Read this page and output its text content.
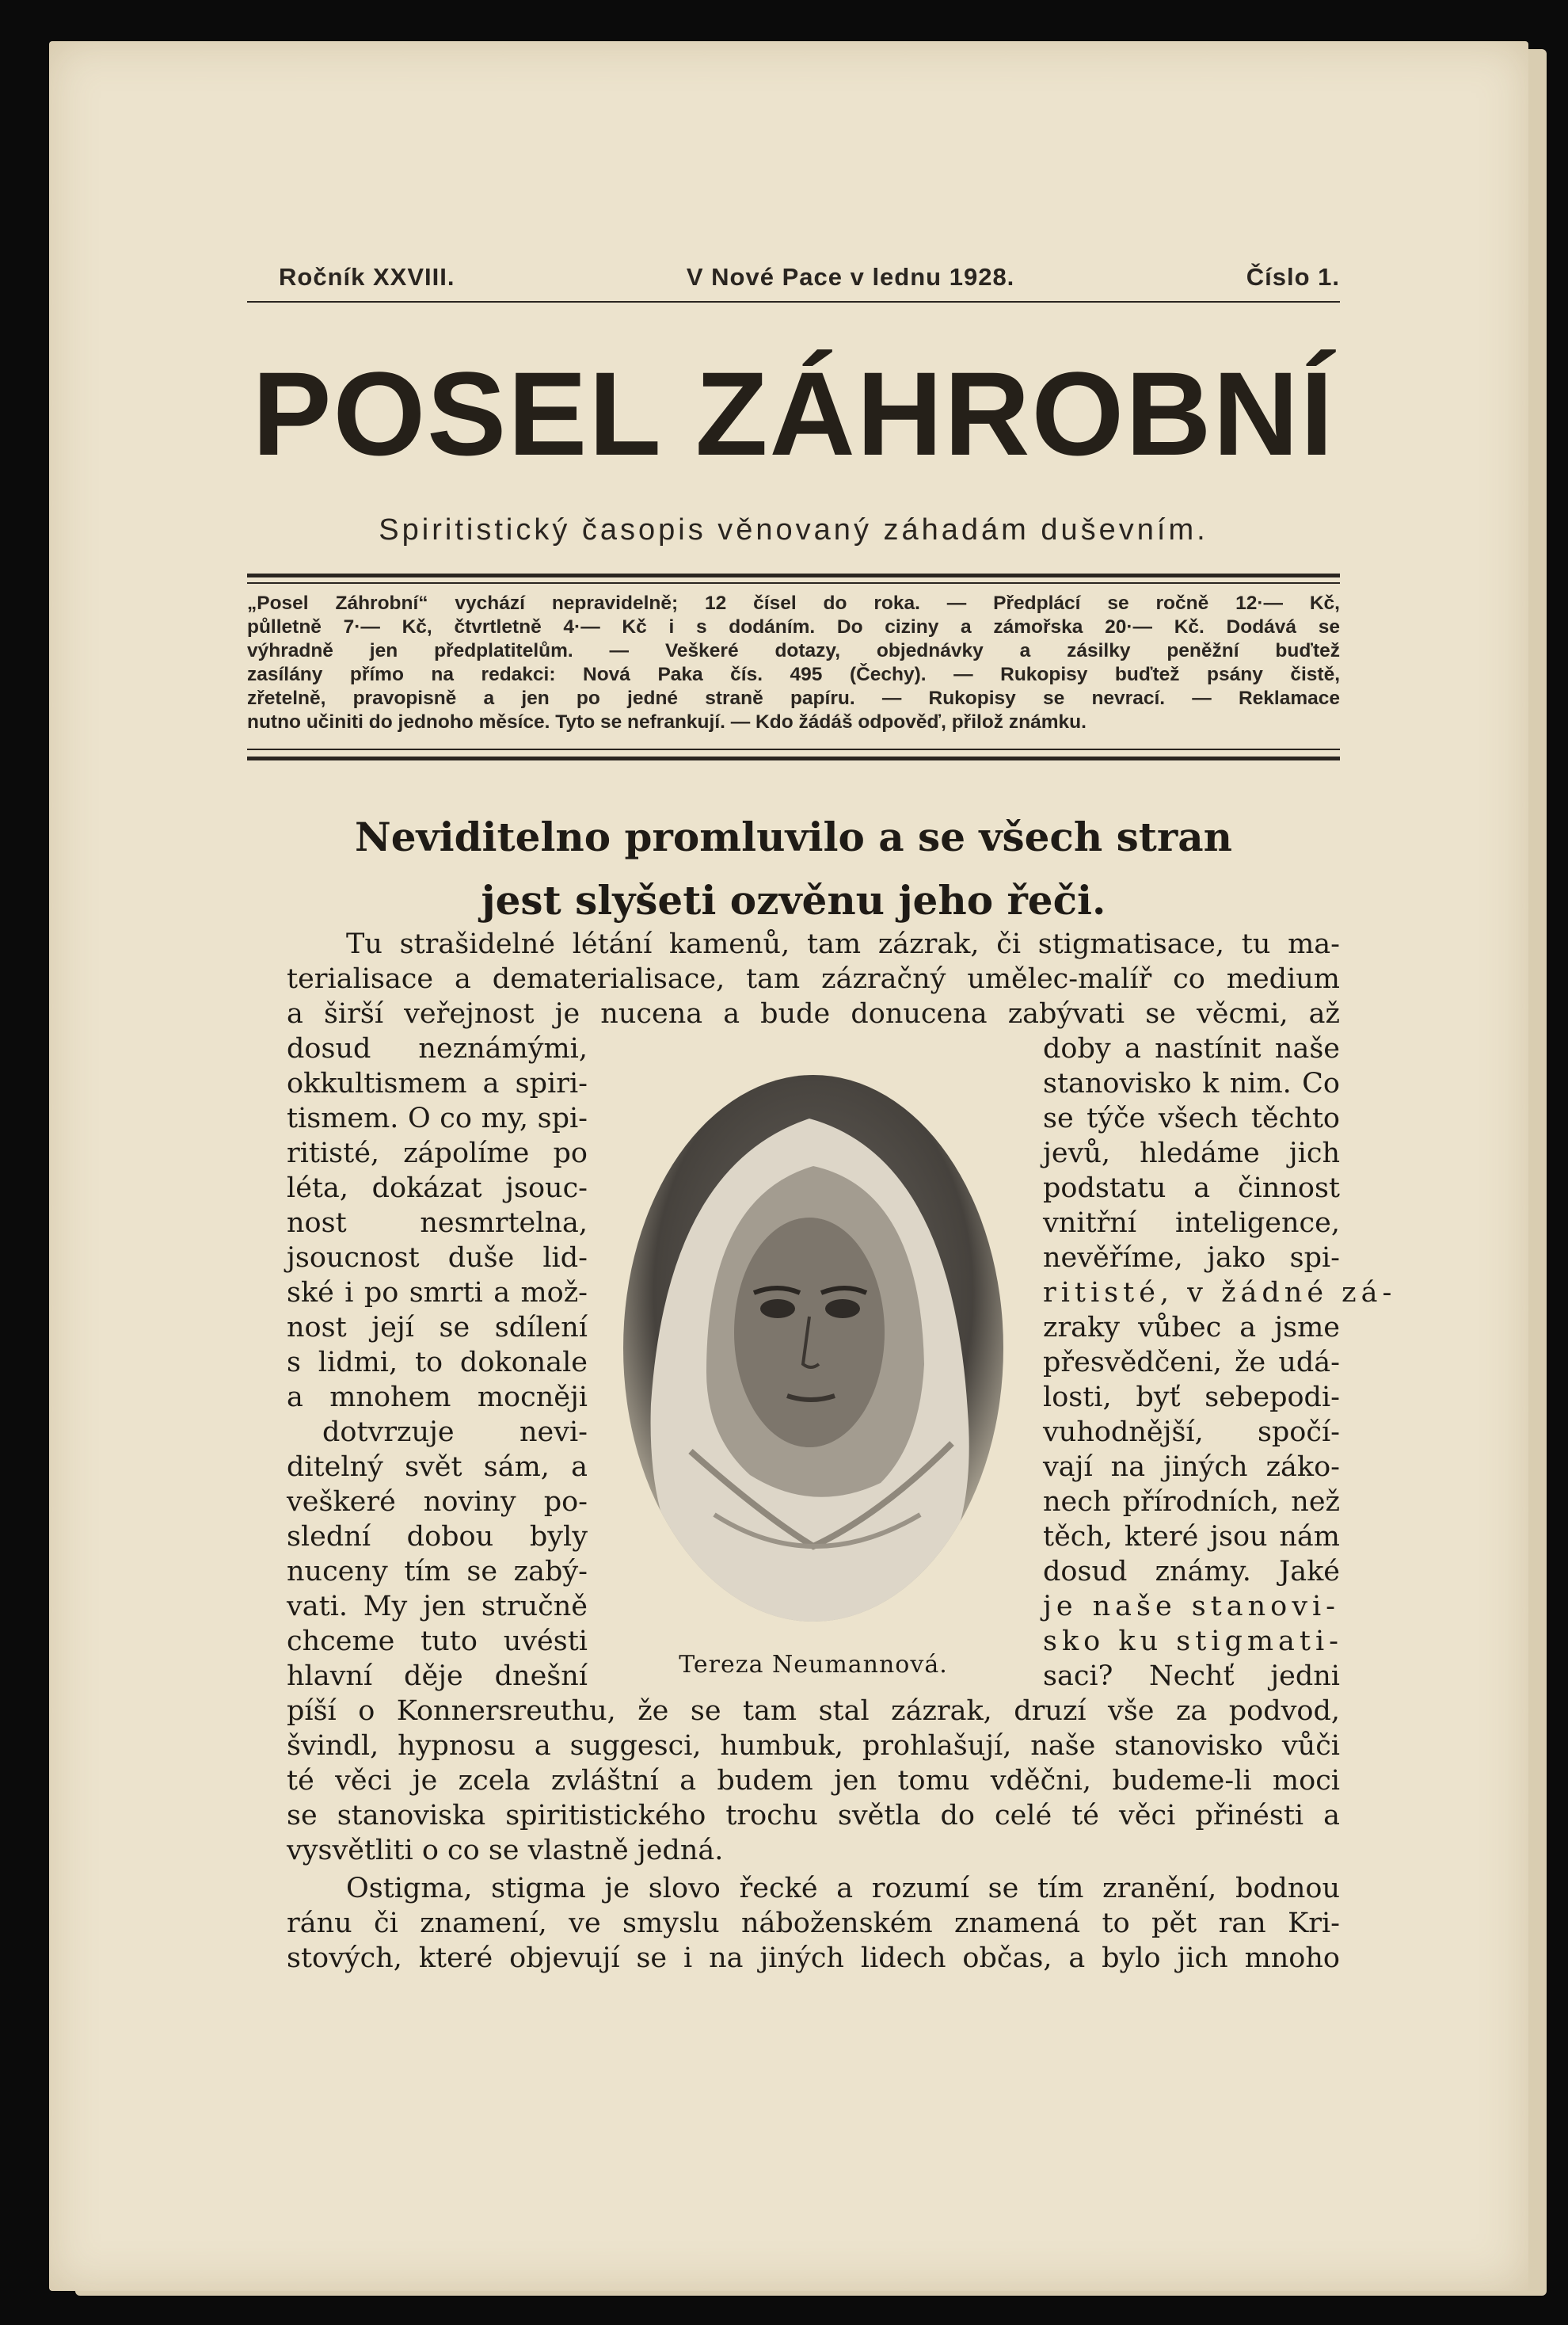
Ročník XXVIII.	V Nové Pace v lednu 1928.	Číslo 1.
POSEL ZÁHROBNÍ
Spiritistický časopis věnovaný záhadám duševním.
„Posel Záhrobní“ vychází nepravidelně; 12 čísel do roka. — Předplácí se ročně 12·— Kč,
půlletně 7·— Kč, čtvrtletně 4·— Kč i s dodáním. Do ciziny a zámořska 20·— Kč. Dodává se
výhradně jen předplatitelům. — Veškeré dotazy, objednávky a zásilky peněžní buďtež
zasílány přímo na redakci: Nová Paka čís. 495 (Čechy). — Rukopisy buďtež psány čistě,
zřetelně, pravopisně a jen po jedné straně papíru. — Rukopisy se nevrací. — Reklamace
nutno učiniti do jednoho měsíce. Tyto se nefrankují. — Kdo žádáš odpověď, přilož známku.
Neviditelno promluvilo a se všech stran
jest slyšeti ozvěnu jeho řeči.
Tu strašidelné létání kamenů, tam zázrak, či stigmatisace, tu ma-
terialisace a dematerialisace, tam zázračný umělec-malíř co medium
a širší veřejnost je nucena a bude donucena zabývati se věcmi, až
dosud neznámými,
okkultismem a spiri-
tismem. O co my, spi-
ritisté, zápolíme po
léta, dokázat jsouc-
nost nesmrtelna,
jsoucnost duše lid-
ské i po smrti a mož-
nost její se sdílení
s lidmi, to dokonale
a mnohem mocněji
dotvrzuje nevi-
ditelný svět sám, a
veškeré noviny po-
slední dobou byly
nuceny tím se zabý-
vati. My jen stručně
chceme tuto uvésti
hlavní děje dnešní
doby a nastínit naše
stanovisko k nim. Co
se týče všech těchto
jevů, hledáme jich
podstatu a činnost
vnitřní inteligence,
nevěříme, jako spi-
ritisté, v žádné zá-
zraky vůbec a jsme
přesvědčeni, že udá-
losti, byť sebepodi-
vuhodnější, spočí-
vají na jiných záko-
nech přírodních, než
těch, které jsou nám
dosud známy. Jaké
je naše stanovi-
sko ku stigmati-
saci? Nechť jedni
Tereza Neumannová.
píší o Konnersreuthu, že se tam stal zázrak, druzí vše za podvod,
švindl, hypnosu a suggesci, humbuk, prohlašují, naše stanovisko vůči
té věci je zcela zvláštní a budem jen tomu vděčni, budeme-li moci
se stanoviska spiritistického trochu světla do celé té věci přinésti a
vysvětliti o co se vlastně jedná.
Ostigma, stigma je slovo řecké a rozumí se tím zranění, bodnou
ránu či znamení, ve smyslu náboženském znamená to pět ran Kri-
stových, které objevují se i na jiných lidech občas, a bylo jich mnoho
